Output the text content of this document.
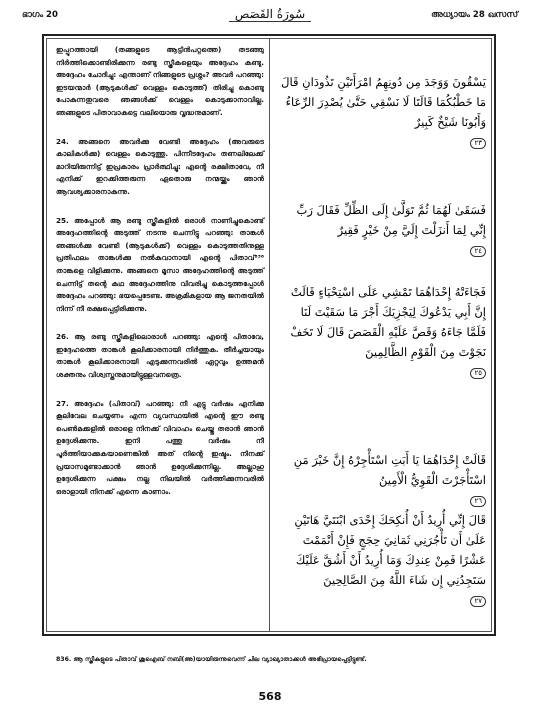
ഭാഗം 20	سُورَةُ القَصَص	അധ്യായം 28 ഖസസ്
ഇപ്പുറത്തായി (തങ്ങളുടെ ആട്ടിൻപറ്റത്തെ) തടഞ്ഞു നിർത്തിക്കൊണ്ടിരിക്കുന്ന രണ്ടു സ്ത്രീകളെയും അദ്ദേഹം കണ്ടു. അദ്ദേഹം ചോദിച്ചു: എന്താണ് നിങ്ങളുടെ പ്രശ്നം? അവർ പറഞ്ഞു: ഇടയന്മാർ (ആടുകൾക്ക് വെള്ളം കൊടുത്ത്) തിരിച്ചു കൊണ്ടു പോകുന്നതുവരെ ഞങ്ങൾക്ക് വെള്ളം കൊടുക്കാനാവില്ല. ഞങ്ങളുടെ പിതാവാകട്ടെ വലിയൊരു വൃദ്ധനുമാണ്.
24. അങ്ങനെ അവർക്കു വേണ്ടി അദ്ദേഹം (അവരുടെ കാലികൾക്കു) വെള്ളം കൊടുത്തു. പിന്നീടദ്ദേഹം തണലിലേക്ക് മാറിയിരുന്നിട്ട് ഇപ്രകാരം പ്രാർത്ഥിച്ചു: എന്റെ രക്ഷിതാവേ, നീ എനിക്ക് ഇറക്കിത്തരുന്ന ഏതൊരു നന്മയ്ക്കും ഞാൻ ആവശ്യക്കാരനാകുന്നു.
25. അപ്പോൾ ആ രണ്ടു സ്ത്രീകളിൽ ഒരാൾ നാണിച്ചുകൊണ്ട് അദ്ദേഹത്തിന്റെ അടുത്ത് നടന്നു ചെന്നിട്ടു പറഞ്ഞു: താങ്കൾ ഞങ്ങൾക്കു വേണ്ടി (ആടുകൾക്ക്) വെള്ളം കൊടുത്തതിനുള്ള പ്രതിഫലം താങ്കൾക്കു നൽകുവാനായി എന്റെ പിതാവ്⁸³⁶ താങ്കളെ വിളിക്കുന്നു. അങ്ങനെ മൂസാ അദ്ദേഹത്തിന്റെ അടുത്ത് ചെന്നിട്ട് തന്റെ കഥ അദ്ദേഹത്തിനു വിവരിച്ചു കൊടുത്തപ്പോൾ അദ്ദേഹം പറഞ്ഞു: ഭയപ്പെടേണ്ട. അക്രമികളായ ആ ജനതയിൽ നിന്ന് നീ രക്ഷപ്പെട്ടിരിക്കുന്നു.
26. ആ രണ്ടു സ്ത്രീകളിലൊരാൾ പറഞ്ഞു: എന്റെ പിതാവേ, ഇദ്ദേഹത്തെ താങ്കൾ കൂലിക്കാരനായി നിർത്തുക. തീർച്ചയായും താങ്കൾ കൂലിക്കാരനായി എടുക്കുന്നവരിൽ ഏറ്റവും ഉത്തമൻ ശക്തനും വിശ്വസ്തനുമായിട്ടുള്ളവനത്രെ.
27. അദ്ദേഹം (പിതാവ്) പറഞ്ഞു: നീ എട്ടു വർഷം എനിക്കു കൂലിവേല ചെയ്യണം എന്ന വ്യവസ്ഥയിൽ എന്റെ ഈ രണ്ടു പെൺമക്കളിൽ ഒരാളെ നിനക്ക് വിവാഹം ചെയ്തു തരാൻ ഞാൻ ഉദ്ദേശിക്കുന്നു. ഇനി പത്തു വർഷം നീ പൂർത്തിയാക്കുകയാണെങ്കിൽ അത് നിന്റെ ഇഷ്ടം. നിനക്ക് പ്രയാസമുണ്ടാക്കാൻ ഞാൻ ഉദ്ദേശിക്കുന്നില്ല. അല്ലാഹു ഉദ്ദേശിക്കുന്ന പക്ഷം നല്ല നിലയിൽ വർത്തിക്കുന്നവരിൽ ഒരാളായി നിനക്ക് എന്നെ കാണാം.

يَسْقُونَ وَوَجَدَ مِن دُونِهِمُ امْرَأَتَيْنِ تَذُودَانِ قَالَ مَا خَطْبُكُمَا قَالَتَا لَا نَسْقِي حَتَّىٰ يُصْدِرَ الرِّعَاءُ وَأَبُونَا شَيْخٌ كَبِيرٌ
٢٣

فَسَقَىٰ لَهُمَا ثُمَّ تَوَلَّىٰ إِلَى الظِّلِّ فَقَالَ رَبِّ إِنِّي لِمَا أَنزَلْتَ إِلَيَّ مِنْ خَيْرٍ فَقِيرٌ
٢٤

فَجَاءَتْهُ إِحْدَاهُمَا تَمْشِي عَلَى اسْتِحْيَاءٍ قَالَتْ إِنَّ أَبِي يَدْعُوكَ لِيَجْزِيَكَ أَجْرَ مَا سَقَيْتَ لَنَا فَلَمَّا جَاءَهُ وَقَصَّ عَلَيْهِ الْقَصَصَ قَالَ لَا تَخَفْ نَجَوْتَ مِنَ الْقَوْمِ الظَّالِمِينَ
٢٥

قَالَتْ إِحْدَاهُمَا يَا أَبَتِ اسْتَأْجِرْهُ إِنَّ خَيْرَ مَنِ اسْتَأْجَرْتَ الْقَوِيُّ الْأَمِينُ
٢٦

قَالَ إِنِّي أُرِيدُ أَنْ أُنكِحَكَ إِحْدَى ابْنَتَيَّ هَاتَيْنِ عَلَىٰ أَن تَأْجُرَنِي ثَمَانِيَ حِجَجٍ فَإِنْ أَتْمَمْتَ عَشْرًا فَمِنْ عِندِكَ وَمَا أُرِيدُ أَنْ أَشُقَّ عَلَيْكَ سَتَجِدُنِي إِن شَاءَ اللَّهُ مِنَ الصَّالِحِينَ
٢٧

836. ആ സ്ത്രീകളുടെ പിതാവ് ശുഐബ് നബി(അ)യായിരുന്നുവെന്ന് ചില വ്യാഖ്യാതാക്കൾ അഭിപ്രായപ്പെട്ടിട്ടുണ്ട്.
568
